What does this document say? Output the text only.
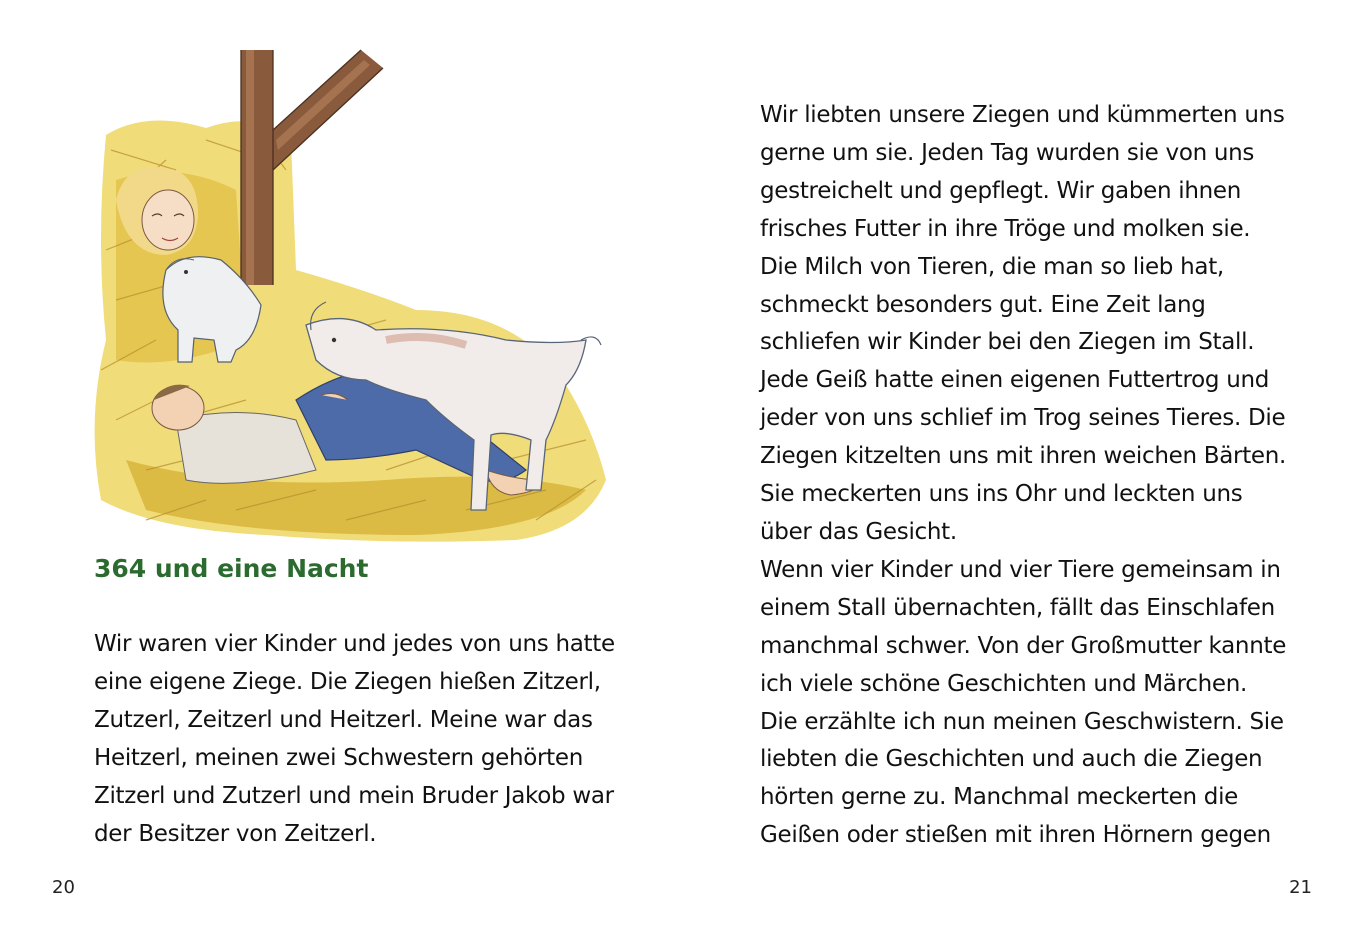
364 und eine Nacht
Wir waren vier Kinder und jedes von uns hatte
eine eigene Ziege. Die Ziegen hießen Zitzerl,
Zutzerl, Zeitzerl und Heitzerl. Meine war das
Heitzerl, meinen zwei Schwestern gehörten
Zitzerl und Zutzerl und mein Bruder Jakob war
der Besitzer von Zeitzerl.
20
Wir liebten unsere Ziegen und kümmerten uns
gerne um sie. Jeden Tag wurden sie von uns
gestreichelt und gepflegt. Wir gaben ihnen
frisches Futter in ihre Tröge und molken sie.
Die Milch von Tieren, die man so lieb hat,
schmeckt besonders gut. Eine Zeit lang
schliefen wir Kinder bei den Ziegen im Stall.
Jede Geiß hatte einen eigenen Futtertrog und
jeder von uns schlief im Trog seines Tieres. Die
Ziegen kitzelten uns mit ihren weichen Bärten.
Sie meckerten uns ins Ohr und leckten uns
über das Gesicht.
Wenn vier Kinder und vier Tiere gemeinsam in
einem Stall übernachten, fällt das Einschlafen
manchmal schwer. Von der Großmutter kannte
ich viele schöne Geschichten und Märchen.
Die erzählte ich nun meinen Geschwistern. Sie
liebten die Geschichten und auch die Ziegen
hörten gerne zu. Manchmal meckerten die
Geißen oder stießen mit ihren Hörnern gegen
21
